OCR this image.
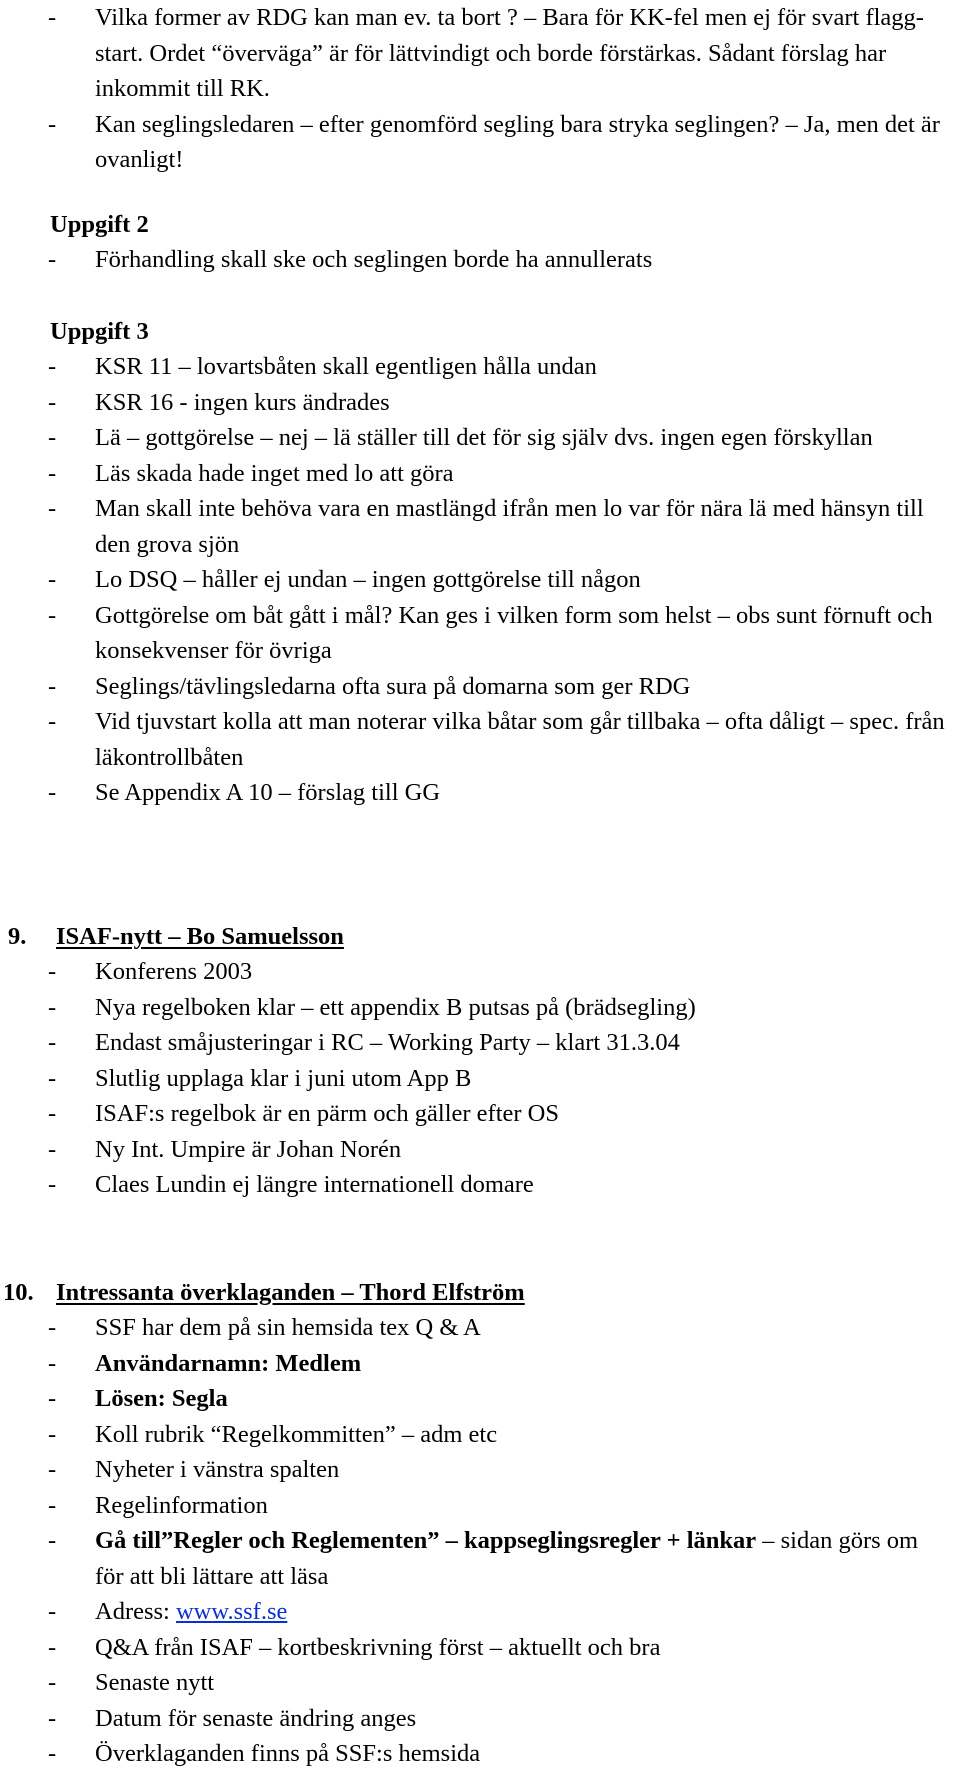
- Vilka former av RDG kan man ev. ta bort ? – Bara för KK-fel men ej för svart flagg-start. Ordet “överväga” är för lättvindigt och borde förstärkas. Sådant förslag har inkommit till RK.
- Kan seglingsledaren – efter genomförd segling bara stryka seglingen? – Ja, men det är ovanligt!
Uppgift 2
- Förhandling skall ske och seglingen borde ha annullerats
Uppgift 3
- KSR 11 – lovartsbåten skall egentligen hålla undan
- KSR 16 - ingen kurs ändrades
- Lä – gottgörelse – nej – lä ställer till det för sig själv dvs. ingen egen förskyllan
- Läs skada hade inget med lo att göra
- Man skall inte behöva vara en mastlängd ifrån men lo var för nära lä med hänsyn till den grova sjön
- Lo DSQ – håller ej undan – ingen gottgörelse till någon
- Gottgörelse om båt gått i mål? Kan ges i vilken form som helst – obs sunt förnuft och konsekvenser för övriga
- Seglings/tävlingsledarna ofta sura på domarna som ger RDG
- Vid tjuvstart kolla att man noterar vilka båtar som går tillbaka – ofta dåligt – spec. från läkontrollbåten
- Se Appendix A 10 – förslag till GG
9. ISAF-nytt – Bo Samuelsson
- Konferens 2003
- Nya regelboken klar – ett appendix B putsas på (brädsegling)
- Endast småjusteringar i RC – Working Party – klart 31.3.04
- Slutlig upplaga klar i juni utom App B
- ISAF:s regelbok är en pärm och gäller efter OS
- Ny Int. Umpire är Johan Norén
- Claes Lundin ej längre internationell domare
10. Intressanta överklaganden – Thord Elfström
- SSF har dem på sin hemsida tex Q & A
- Användarnamn: Medlem
- Lösen: Segla
- Koll rubrik “Regelkommitten” – adm etc
- Nyheter i vänstra spalten
- Regelinformation
- Gå till”Regler och Reglementen” – kappseglingsregler + länkar – sidan görs om för att bli lättare att läsa
- Adress: www.ssf.se
- Q&A från ISAF – kortbeskrivning först – aktuellt och bra
- Senaste nytt
- Datum för senaste ändring anges
- Överklaganden finns på SSF:s hemsida
